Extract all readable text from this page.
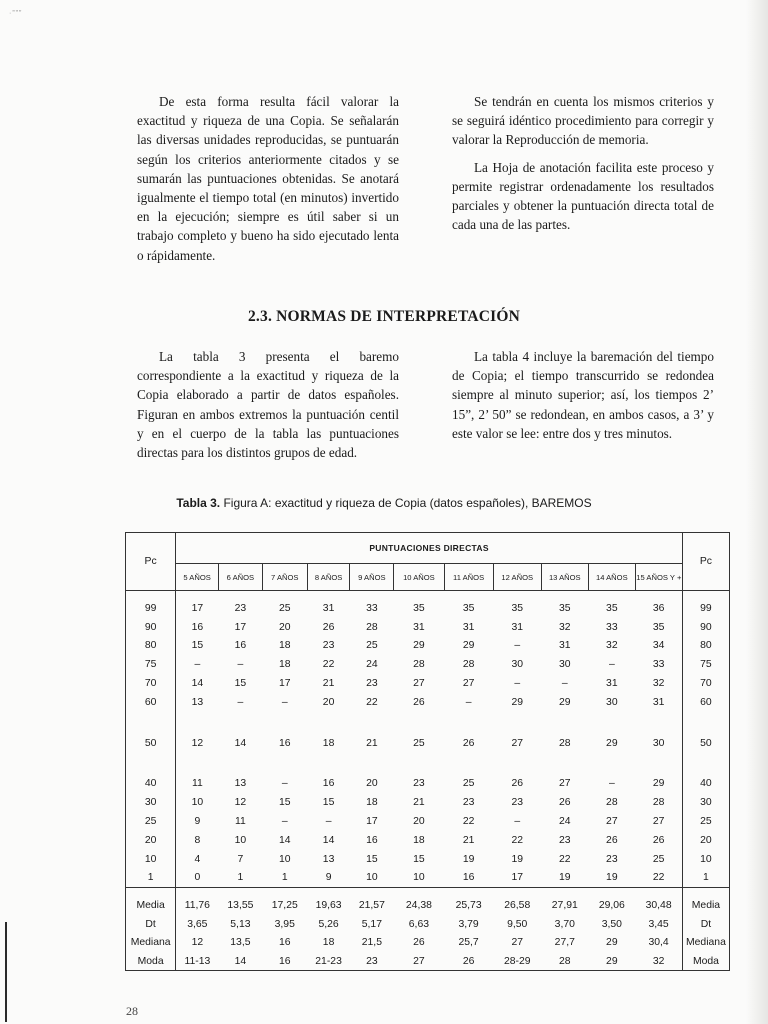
·”””

De esta forma resulta fácil valorar la exactitud y riqueza de una Copia. Se señalarán las diversas unidades reproducidas, se puntuarán según los criterios anteriormente citados y se sumarán las puntuaciones obtenidas. Se anotará igualmente el tiempo total (en minutos) invertido en la ejecución; siempre es útil saber si un trabajo completo y bueno ha sido ejecutado lenta o rápidamente.

Se tendrán en cuenta los mismos criterios y se seguirá idéntico procedimiento para corregir y valorar la Reproducción de memoria.

La Hoja de anotación facilita este proceso y permite registrar ordenadamente los resultados parciales y obtener la puntuación directa total de cada una de las partes.

2.3. NORMAS DE INTERPRETACIÓN

La tabla 3 presenta el baremo correspondiente a la exactitud y riqueza de la Copia elaborado a partir de datos españoles. Figuran en ambos extremos la puntuación centil y en el cuerpo de la tabla las puntuaciones directas para los distintos grupos de edad.

La tabla 4 incluye la baremación del tiempo de Copia; el tiempo transcurrido se redondea siempre al minuto superior; así, los tiempos 2’ 15”, 2’ 50” se redondean, en ambos casos, a 3’ y este valor se lee: entre dos y tres minutos.

Tabla 3. Figura A: exactitud y riqueza de Copia (datos españoles), BAREMOS
Pc	PUNTUACIONES DIRECTAS											Pc
	5 AÑOS	6 AÑOS	7 AÑOS	8 AÑOS	9 AÑOS	10 AÑOS	11 AÑOS	12 AÑOS	13 AÑOS	14 AÑOS	15 AÑOS Y +	

99	17	23	25	31	33	35	35	35	35	35	36	99
90	16	17	20	26	28	31	31	31	32	33	35	90
80	15	16	18	23	25	29	29	–	31	32	34	80
75	–	–	18	22	24	28	28	30	30	–	33	75
70	14	15	17	21	23	27	27	–	–	31	32	70
60	13	–	–	20	22	26	–	29	29	30	31	60

50	12	14	16	18	21	25	26	27	28	29	30	50

40	11	13	–	16	20	23	25	26	27	–	29	40
30	10	12	15	15	18	21	23	23	26	28	28	30
25	9	11	–	–	17	20	22	–	24	27	27	25
20	8	10	14	14	16	18	21	22	23	26	26	20
10	4	7	10	13	15	15	19	19	22	23	25	10
1	0	1	1	9	10	10	16	17	19	19	22	1

Media	11,76	13,55	17,25	19,63	21,57	24,38	25,73	26,58	27,91	29,06	30,48	Media
Dt	3,65	5,13	3,95	5,26	5,17	6,63	3,79	9,50	3,70	3,50	3,45	Dt
Mediana	12	13,5	16	18	21,5	26	25,7	27	27,7	29	30,4	Mediana
Moda	11-13	14	16	21-23	23	27	26	28-29	28	29	32	Moda
28
